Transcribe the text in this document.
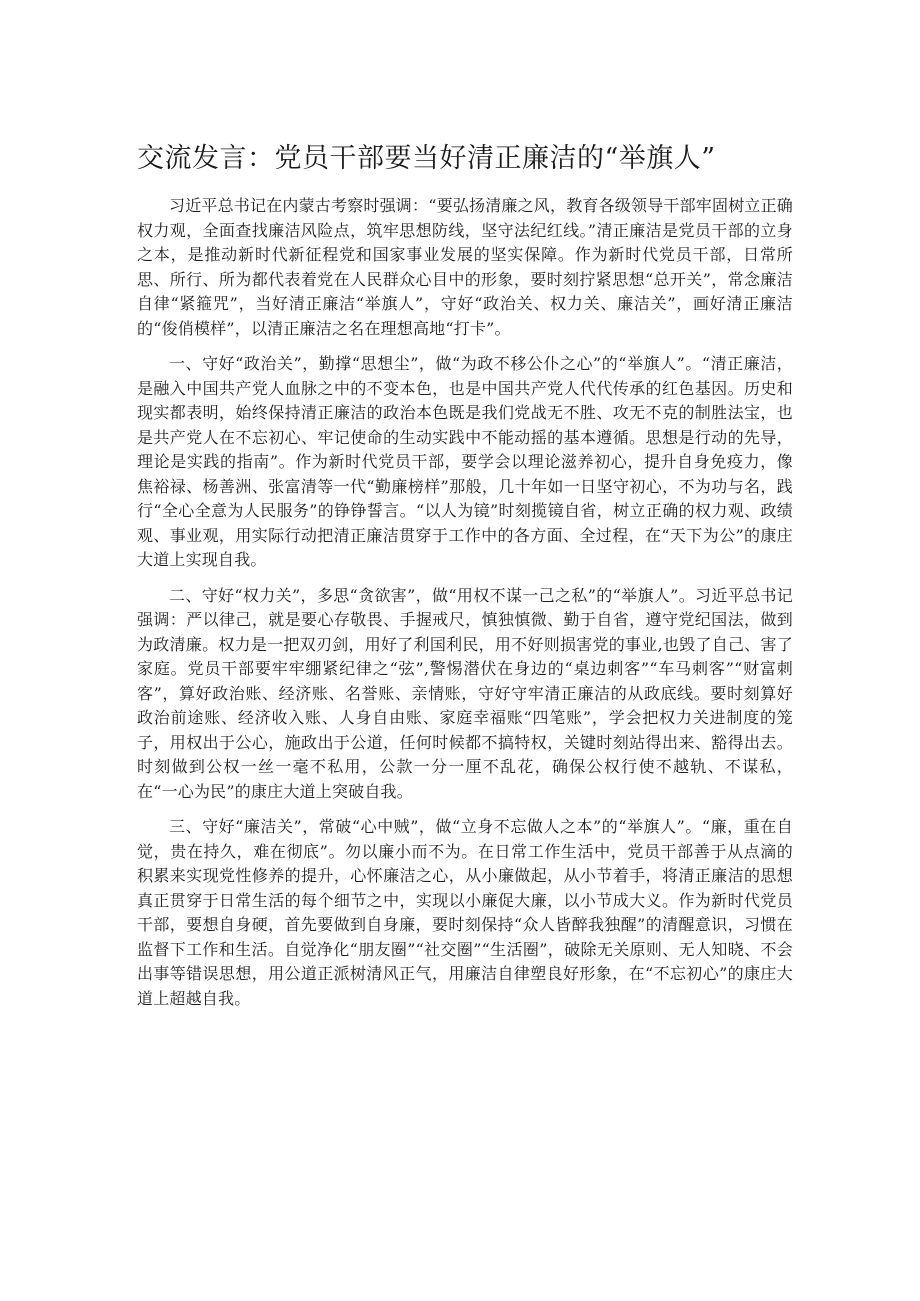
交流发言：党员干部要当好清正廉洁的“举旗人”

习近平总书记在内蒙古考察时强调：“要弘扬清廉之风，教育各级领导干部牢固树立正确权力观，全面查找廉洁风险点，筑牢思想防线，坚守法纪红线。”清正廉洁是党员干部的立身之本，是推动新时代新征程党和国家事业发展的坚实保障。作为新时代党员干部，日常所思、所行、所为都代表着党在人民群众心目中的形象，要时刻拧紧思想“总开关”，常念廉洁自律“紧箍咒”，当好清正廉洁“举旗人”，守好“政治关、权力关、廉洁关”，画好清正廉洁的“俊俏模样”，以清正廉洁之名在理想高地“打卡”。

一、守好“政治关”，勤撑“思想尘”，做“为政不移公仆之心”的“举旗人”。“清正廉洁，是融入中国共产党人血脉之中的不变本色，也是中国共产党人代代传承的红色基因。历史和现实都表明，始终保持清正廉洁的政治本色既是我们党战无不胜、攻无不克的制胜法宝，也是共产党人在不忘初心、牢记使命的生动实践中不能动摇的基本遵循。思想是行动的先导，理论是实践的指南”。作为新时代党员干部，要学会以理论滋养初心，提升自身免疫力，像焦裕禄、杨善洲、张富清等一代“勤廉榜样”那般，几十年如一日坚守初心，不为功与名，践行“全心全意为人民服务”的铮铮誓言。“以人为镜”时刻揽镜自省，树立正确的权力观、政绩观、事业观，用实际行动把清正廉洁贯穿于工作中的各方面、全过程，在“天下为公”的康庄大道上实现自我。

二、守好“权力关”，多思“贪欲害”，做“用权不谋一己之私”的“举旗人”。习近平总书记强调：严以律己，就是要心存敬畏、手握戒尺，慎独慎微、勤于自省，遵守党纪国法，做到为政清廉。权力是一把双刃剑，用好了利国利民，用不好则损害党的事业,也毁了自己、害了家庭。党员干部要牢牢绷紧纪律之“弦”,警惕潜伏在身边的“桌边刺客”“车马刺客”“财富刺客”，算好政治账、经济账、名誉账、亲情账，守好守牢清正廉洁的从政底线。要时刻算好政治前途账、经济收入账、人身自由账、家庭幸福账“四笔账”，学会把权力关进制度的笼子，用权出于公心，施政出于公道，任何时候都不搞特权，关键时刻站得出来、豁得出去。时刻做到公权一丝一毫不私用，公款一分一厘不乱花，确保公权行使不越轨、不谋私，在“一心为民”的康庄大道上突破自我。

三、守好“廉洁关”，常破“心中贼”，做“立身不忘做人之本”的“举旗人”。“廉，重在自觉，贵在持久，难在彻底”。勿以廉小而不为。在日常工作生活中，党员干部善于从点滴的积累来实现党性修养的提升，心怀廉洁之心，从小廉做起，从小节着手，将清正廉洁的思想真正贯穿于日常生活的每个细节之中，实现以小廉促大廉，以小节成大义。作为新时代党员干部，要想自身硬，首先要做到自身廉，要时刻保持“众人皆醉我独醒”的清醒意识，习惯在监督下工作和生活。自觉净化“朋友圈”“社交圈”“生活圈”，破除无关原则、无人知晓、不会出事等错误思想，用公道正派树清风正气，用廉洁自律塑良好形象，在“不忘初心”的康庄大道上超越自我。
